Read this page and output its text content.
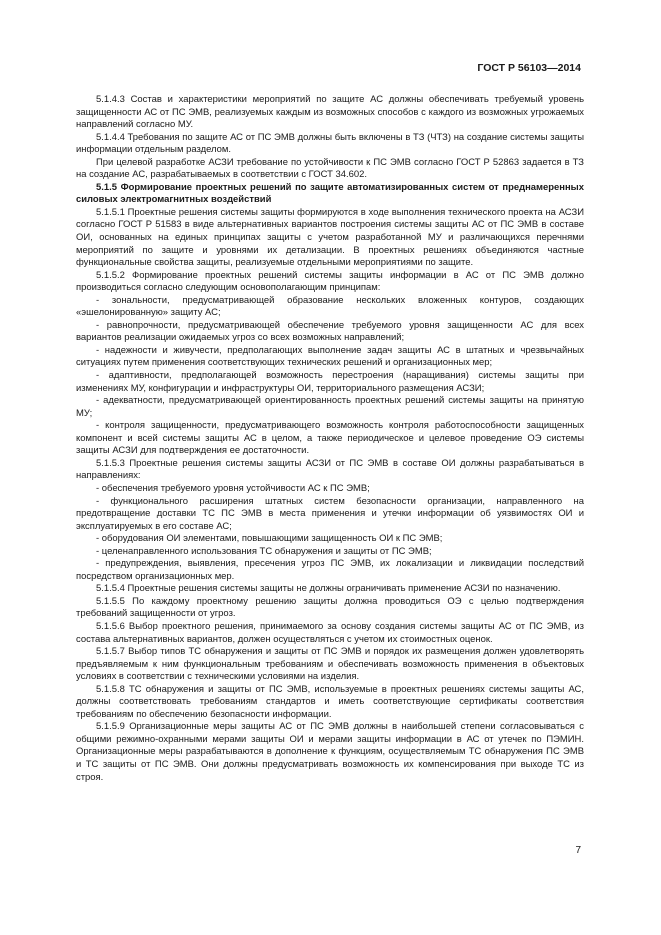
ГОСТ Р 56103—2014

5.1.4.3 Состав и характеристики мероприятий по защите АС должны обеспечивать требуемый уровень защищенности АС от ПС ЭМВ, реализуемых каждым из возможных способов с каждого из возможных угрожаемых направлений согласно МУ.

5.1.4.4 Требования по защите АС от ПС ЭМВ должны быть включены в ТЗ (ЧТЗ) на создание системы защиты информации отдельным разделом.

При целевой разработке АСЗИ требование по устойчивости к ПС ЭМВ согласно ГОСТ Р 52863 задается в ТЗ на создание АС, разрабатываемых в соответствии с ГОСТ 34.602.

5.1.5 Формирование проектных решений по защите автоматизированных систем от преднамеренных силовых электромагнитных воздействий

5.1.5.1 Проектные решения системы защиты формируются в ходе выполнения технического проекта на АСЗИ согласно ГОСТ Р 51583 в виде альтернативных вариантов построения системы защиты АС от ПС ЭМВ в составе ОИ, основанных на единых принципах защиты с учетом разработанной МУ и различающихся перечнями мероприятий по защите и уровнями их детализации. В проектных решениях объединяются частные функциональные свойства защиты, реализуемые отдельными мероприятиями по защите.

5.1.5.2 Формирование проектных решений системы защиты информации в АС от ПС ЭМВ должно производиться согласно следующим основополагающим принципам:

- зональности, предусматривающей образование нескольких вложенных контуров, создающих «эшелонированную» защиту АС;

- равнопрочности, предусматривающей обеспечение требуемого уровня защищенности АС для всех вариантов реализации ожидаемых угроз со всех возможных направлений;

- надежности и живучести, предполагающих выполнение задач защиты АС в штатных и чрезвычайных ситуациях путем применения соответствующих технических решений и организационных мер;

- адаптивности, предполагающей возможность перестроения (наращивания) системы защиты при изменениях МУ, конфигурации и инфраструктуры ОИ, территориального размещения АСЗИ;

- адекватности, предусматривающей ориентированность проектных решений системы защиты на принятую МУ;

- контроля защищенности, предусматривающего возможность контроля работоспособности защищенных компонент и всей системы защиты АС в целом, а также периодическое и целевое проведение ОЭ системы защиты АСЗИ для подтверждения ее достаточности.

5.1.5.3 Проектные решения системы защиты АСЗИ от ПС ЭМВ в составе ОИ должны разрабатываться в направлениях:

- обеспечения требуемого уровня устойчивости АС к ПС ЭМВ;

- функционального расширения штатных систем безопасности организации, направленного на предотвращение доставки ТС ПС ЭМВ в места применения и утечки информации об уязвимостях ОИ и эксплуатируемых в его составе АС;

- оборудования ОИ элементами, повышающими защищенность ОИ к ПС ЭМВ;

- целенаправленного использования ТС обнаружения и защиты от ПС ЭМВ;

- предупреждения, выявления, пресечения угроз ПС ЭМВ, их локализации и ликвидации последствий посредством организационных мер.

5.1.5.4 Проектные решения системы защиты не должны ограничивать применение АСЗИ по назначению.

5.1.5.5 По каждому проектному решению защиты должна проводиться ОЭ с целью подтверждения требований защищенности от угроз.

5.1.5.6 Выбор проектного решения, принимаемого за основу создания системы защиты АС от ПС ЭМВ, из состава альтернативных вариантов, должен осуществляться с учетом их стоимостных оценок.

5.1.5.7 Выбор типов ТС обнаружения и защиты от ПС ЭМВ и порядок их размещения должен удовлетворять предъявляемым к ним функциональным требованиям и обеспечивать возможность применения в объектовых условиях в соответствии с техническими условиями на изделия.

5.1.5.8 ТС обнаружения и защиты от ПС ЭМВ, используемые в проектных решениях системы защиты АС, должны соответствовать требованиям стандартов и иметь соответствующие сертификаты соответствия требованиям по обеспечению безопасности информации.

5.1.5.9 Организационные меры защиты АС от ПС ЭМВ должны в наибольшей степени согласовываться с общими режимно-охранными мерами защиты ОИ и мерами защиты информации в АС от утечек по ПЭМИН. Организационные меры разрабатываются в дополнение к функциям, осуществляемым ТС обнаружения ПС ЭМВ и ТС защиты от ПС ЭМВ. Они должны предусматривать возможность их компенсирования при выходе ТС из строя.

7
